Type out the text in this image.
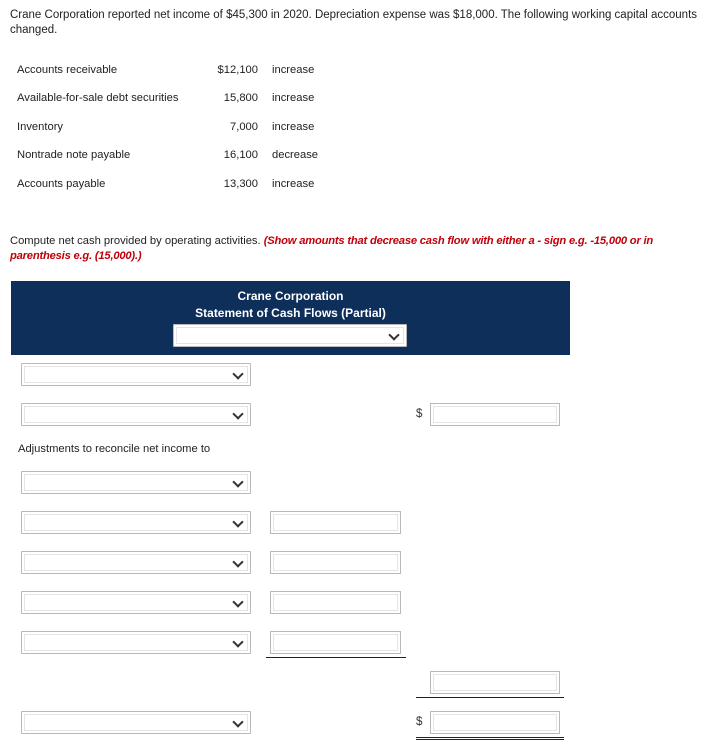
Crane Corporation reported net income of $45,300 in 2020. Depreciation expense was $18,000. The following working capital accounts changed.
Accounts receivable	$12,100 increase
Available-for-sale debt securities	15,800 increase
Inventory	7,000 increase
Nontrade note payable	16,100 decrease
Accounts payable	13,300 increase
Compute net cash provided by operating activities. (Show amounts that decrease cash flow with either a - sign e.g. -15,000 or in parenthesis e.g. (15,000).)
Crane Corporation
Statement of Cash Flows (Partial)
$
Adjustments to reconcile net income to
$
